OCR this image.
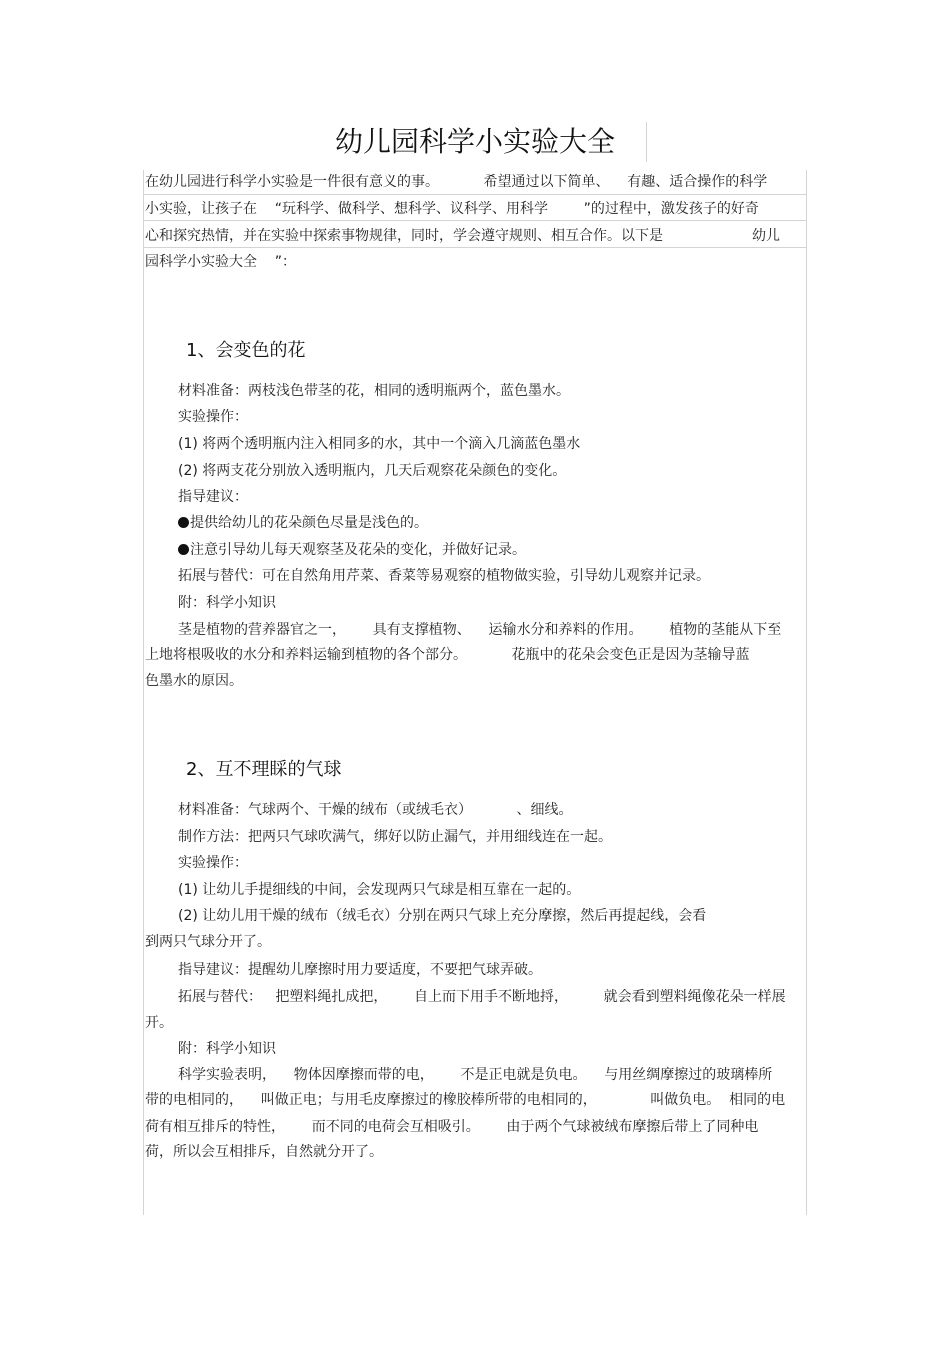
幼儿园科学小实验大全
在幼儿园进行科学小实验是一件很有意义的事。          希望通过以下简单、    有趣、适合操作的科学
小实验，让孩子在    “玩科学、做科学、想科学、议科学、用科学        ”的过程中，激发孩子的好奇
心和探究热情，并在实验中探索事物规律，同时，学会遵守规则、相互合作。以下是                    幼儿
园科学小实验大全    ”：
1、会变色的花
材料准备：两枝浅色带茎的花，相同的透明瓶两个，蓝色墨水。
实验操作：
(1) 将两个透明瓶内注入相同多的水，其中一个滴入几滴蓝色墨水
(2) 将两支花分别放入透明瓶内，几天后观察花朵颜色的变化。
指导建议：
提供给幼儿的花朵颜色尽量是浅色的。
注意引导幼儿每天观察茎及花朵的变化，并做好记录。
拓展与替代：可在自然角用芹菜、香菜等易观察的植物做实验，引导幼儿观察并记录。
附：科学小知识
茎是植物的营养器官之一，      具有支撑植物、    运输水分和养料的作用。      植物的茎能从下至
上地将根吸收的水分和养料运输到植物的各个部分。          花瓶中的花朵会变色正是因为茎输导蓝
色墨水的原因。
2、互不理睬的气球
材料准备：气球两个、干燥的绒布（或绒毛衣）          、细线。
制作方法：把两只气球吹满气，绑好以防止漏气，并用细线连在一起。
实验操作：
(1) 让幼儿手提细线的中间，会发现两只气球是相互靠在一起的。
(2) 让幼儿用干燥的绒布（绒毛衣）分别在两只气球上充分摩擦，然后再提起线，会看
到两只气球分开了。
指导建议：提醒幼儿摩擦时用力要适度，不要把气球弄破。
拓展与替代：   把塑料绳扎成把，      自上而下用手不断地捋，        就会看到塑料绳像花朵一样展
开。
附：科学小知识
科学实验表明，    物体因摩擦而带的电，      不是正电就是负电。    与用丝绸摩擦过的玻璃棒所
带的电相同的，    叫做正电；与用毛皮摩擦过的橡胶棒所带的电相同的，            叫做负电。  相同的电
荷有相互排斥的特性，      而不同的电荷会互相吸引。      由于两个气球被绒布摩擦后带上了同种电
荷，所以会互相排斥，自然就分开了。
